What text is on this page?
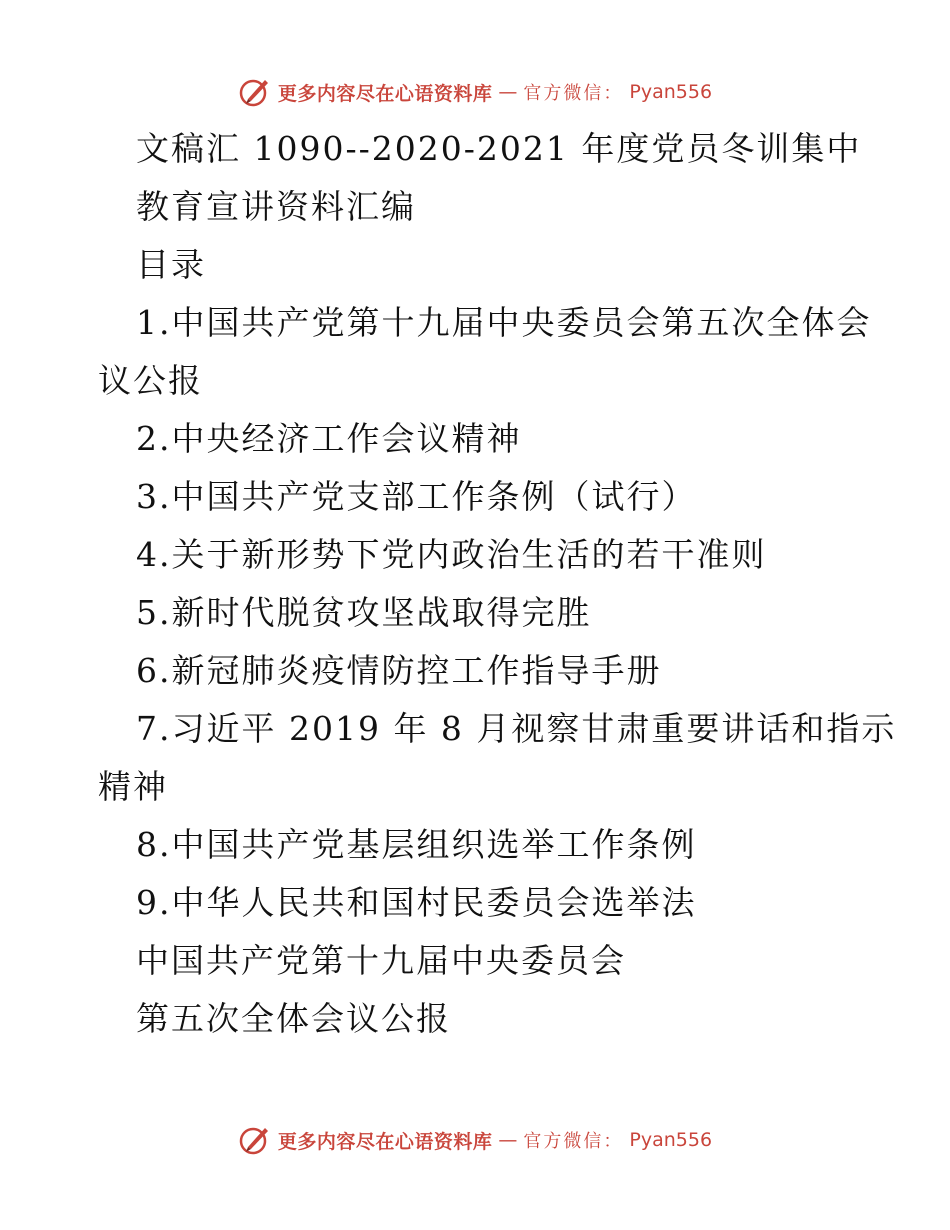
更多内容尽在心语资料库 — 官方微信： Pyan556
文稿汇 1090--2020-2021 年度党员冬训集中
教育宣讲资料汇编
目录
1.中国共产党第十九届中央委员会第五次全体会
议公报
2.中央经济工作会议精神
3.中国共产党支部工作条例（试行）
4.关于新形势下党内政治生活的若干准则
5.新时代脱贫攻坚战取得完胜
6.新冠肺炎疫情防控工作指导手册
7.习近平 2019 年 8 月视察甘肃重要讲话和指示
精神
8.中国共产党基层组织选举工作条例
9.中华人民共和国村民委员会选举法
中国共产党第十九届中央委员会
第五次全体会议公报
更多内容尽在心语资料库 — 官方微信： Pyan556
